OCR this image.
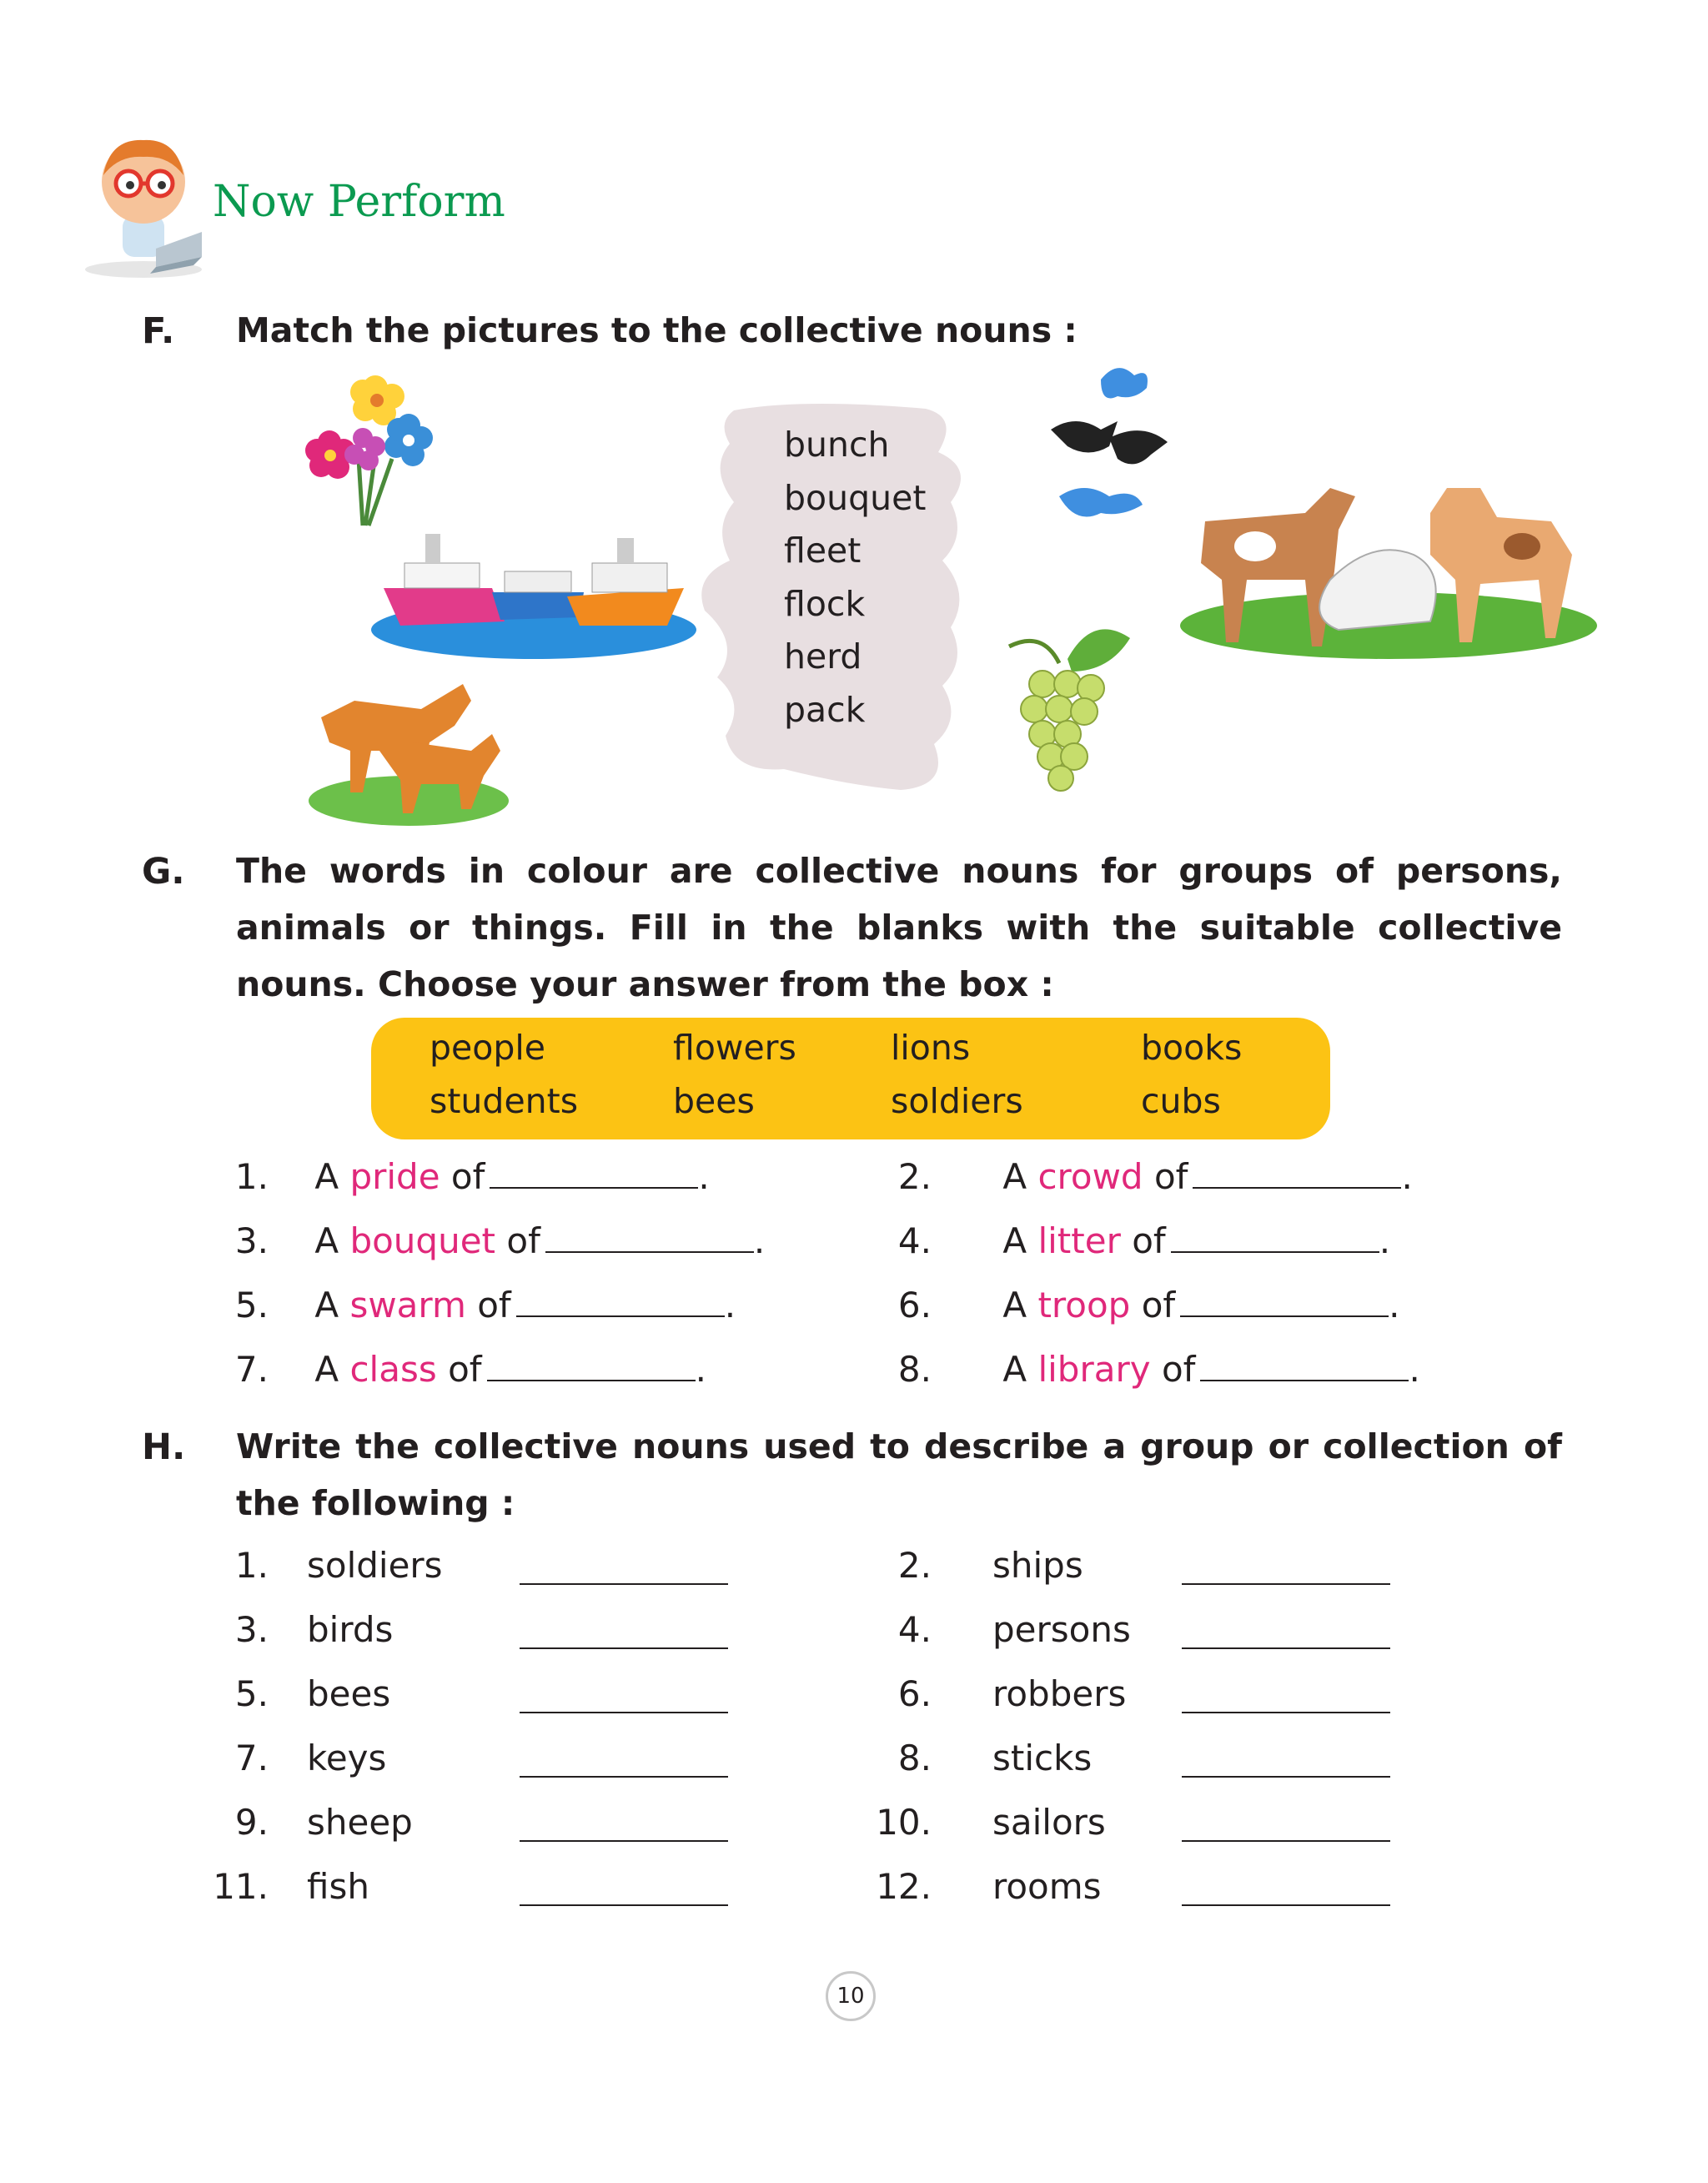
Now Perform
F. Match the pictures to the collective nouns :
bunch
bouquet
fleet
flock
herd
pack
G. The words in colour are collective nouns for groups of persons, animals or things. Fill in the blanks with the suitable collective nouns. Choose your answer from the box :
people	flowers	lions	books
students	bees	soldiers	cubs
1. A pride of	.
3. A bouquet of	.
5. A swarm of	.
7. A class of	.
2. A crowd of	.
4. A litter of	.
6. A troop of	.
8. A library of	.
H. Write the collective nouns used to describe a group or collection of the following :
1. soldiers
3. birds
5. bees
7. keys
9. sheep
11. fish
2. ships
4. persons
6. robbers
8. sticks
10. sailors
12. rooms
10
